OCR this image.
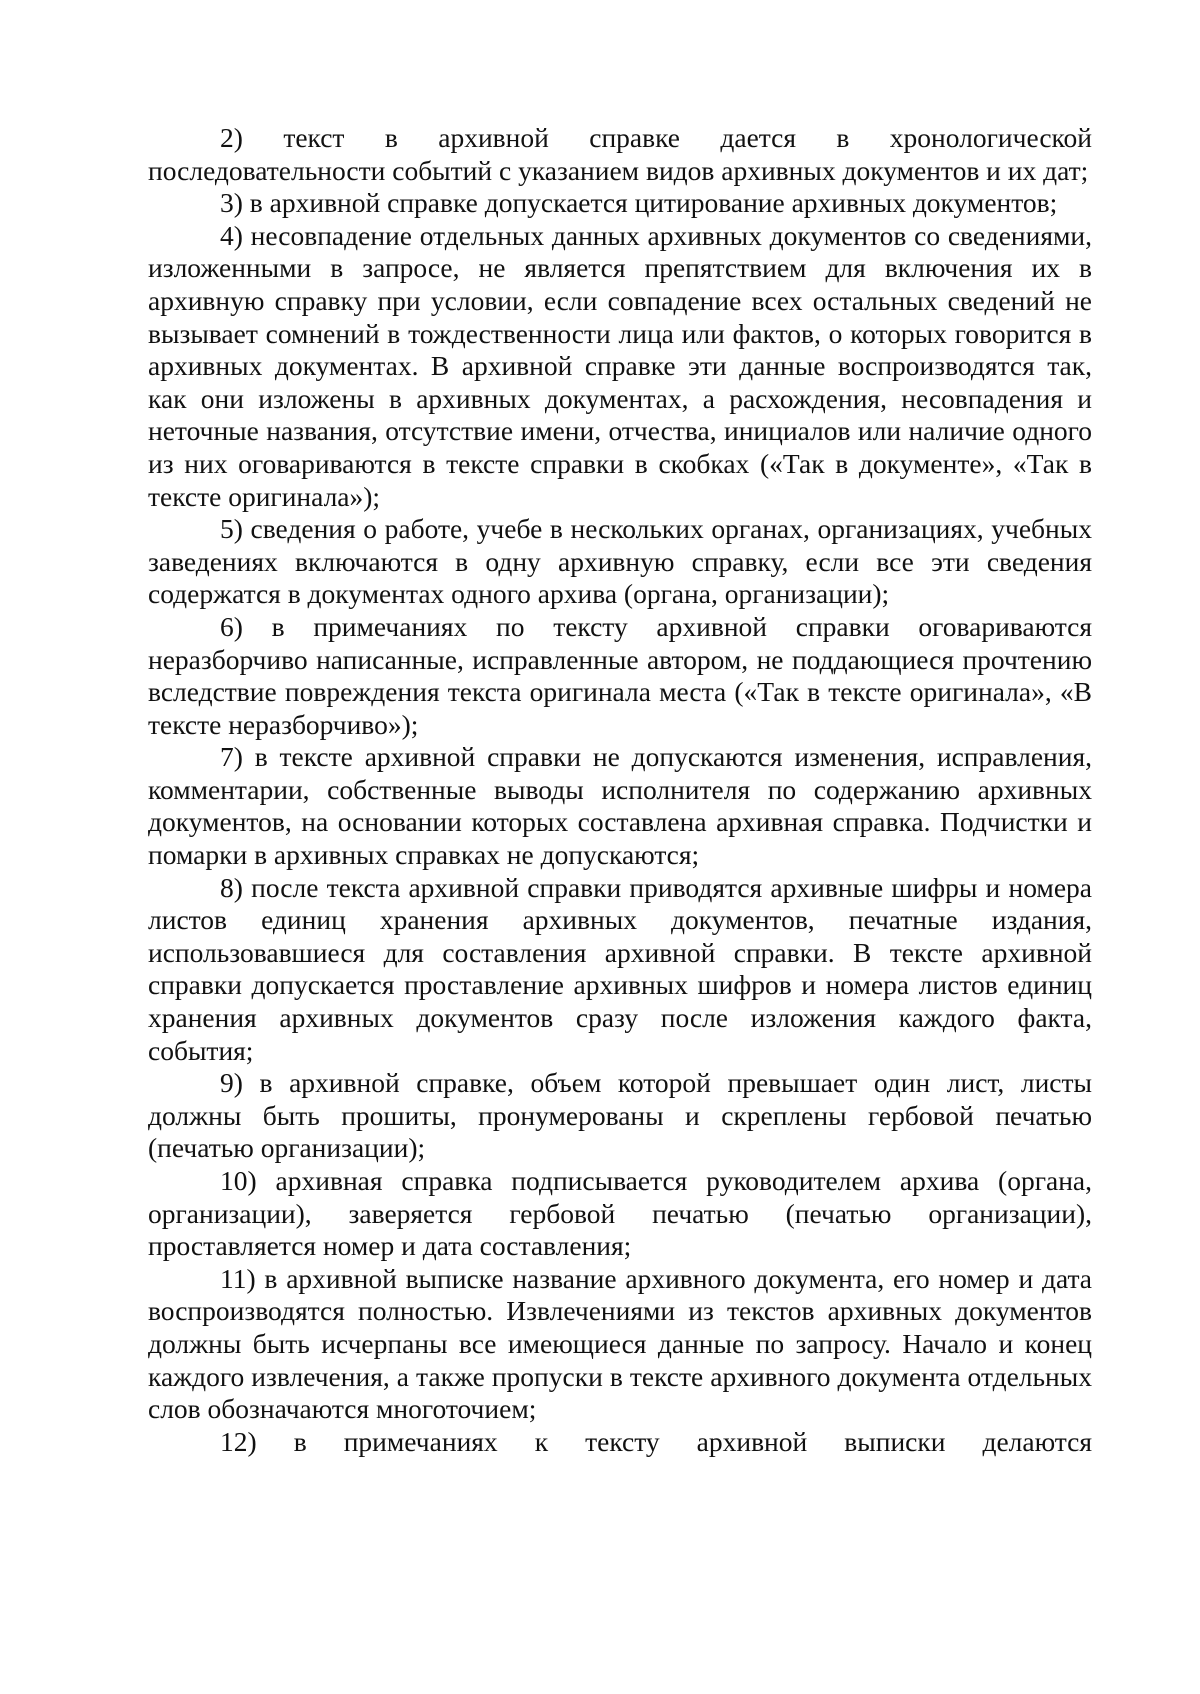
2) текст в архивной справке дается в хронологической последовательности событий с указанием видов архивных документов и их дат;

3) в архивной справке допускается цитирование архивных документов;

4) несовпадение отдельных данных архивных документов со сведениями, изложенными в запросе, не является препятствием для включения их в архивную справку при условии, если совпадение всех остальных сведений не вызывает сомнений в тождественности лица или фактов, о которых говорится в архивных документах. В архивной справке эти данные воспроизводятся так, как они изложены в архивных документах, а расхождения, несовпадения и неточные названия, отсутствие имени, отчества, инициалов или наличие одного из них оговариваются в тексте справки в скобках («Так в документе», «Так в тексте оригинала»);

5) сведения о работе, учебе в нескольких органах, организациях, учебных заведениях включаются в одну архивную справку, если все эти сведения содержатся в документах одного архива (органа, организации);

6) в примечаниях по тексту архивной справки оговариваются неразборчиво написанные, исправленные автором, не поддающиеся прочтению вследствие повреждения текста оригинала места («Так в тексте оригинала», «В тексте неразборчиво»);

7) в тексте архивной справки не допускаются изменения, исправления, комментарии, собственные выводы исполнителя по содержанию архивных документов, на основании которых составлена архивная справка. Подчистки и помарки в архивных справках не допускаются;

8) после текста архивной справки приводятся архивные шифры и номера листов единиц хранения архивных документов, печатные издания, использовавшиеся для составления архивной справки. В тексте архивной справки допускается проставление архивных шифров и номера листов единиц хранения архивных документов сразу после изложения каждого факта, события;

9) в архивной справке, объем которой превышает один лист, листы должны быть прошиты, пронумерованы и скреплены гербовой печатью (печатью организации);

10) архивная справка подписывается руководителем архива (органа, организации), заверяется гербовой печатью (печатью организации), проставляется номер и дата составления;

11) в архивной выписке название архивного документа, его номер и дата воспроизводятся полностью. Извлечениями из текстов архивных документов должны быть исчерпаны все имеющиеся данные по запросу. Начало и конец каждого извлечения, а также пропуски в тексте архивного документа отдельных слов обозначаются многоточием;

12) в примечаниях к тексту архивной выписки делаются
